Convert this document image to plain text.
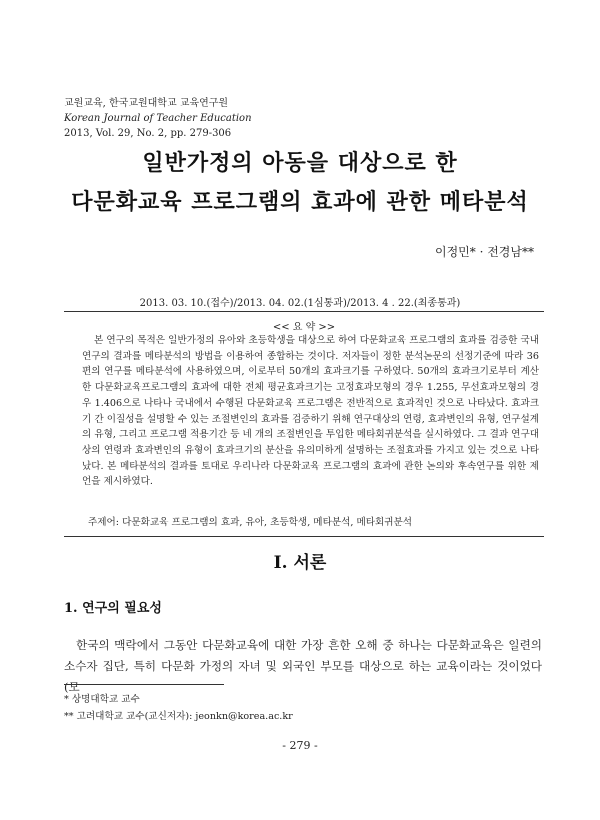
교원교육, 한국교원대학교 교육연구원
Korean Journal of Teacher Education
2013, Vol. 29, No. 2, pp. 279-306
일반가정의 아동을 대상으로 한
다문화교육 프로그램의 효과에 관한 메타분석
이정민* · 전경남**
2013. 03. 10.(접수)/2013. 04. 02.(1심통과)/2013. 4 . 22.(최종통과)
<< 요 약 >>
본 연구의 목적은 일반가정의 유아와 초등학생을 대상으로 하여 다문화교육 프로그램의 효과를 검증한 국내 연구의 결과를 메타분석의 방법을 이용하여 종합하는 것이다. 저자들이 정한 분석논문의 선정기준에 따라 36편의 연구를 메타분석에 사용하였으며, 이로부터 50개의 효과크기를 구하였다. 50개의 효과크기로부터 계산한 다문화교육프로그램의 효과에 대한 전체 평균효과크기는 고정효과모형의 경우 1.255, 무선효과모형의 경우 1.406으로 나타나 국내에서 수행된 다문화교육 프로그램은 전반적으로 효과적인 것으로 나타났다. 효과크기 간 이질성을 설명할 수 있는 조절변인의 효과를 검증하기 위해 연구대상의 연령, 효과변인의 유형, 연구설계의 유형, 그리고 프로그램 적용기간 등 네 개의 조절변인을 투입한 메타회귀분석을 실시하였다. 그 결과 연구대상의 연령과 효과변인의 유형이 효과크기의 분산을 유의미하게 설명하는 조절효과를 가지고 있는 것으로 나타났다. 본 메타분석의 결과를 토대로 우리나라 다문화교육 프로그램의 효과에 관한 논의와 후속연구를 위한 제언을 제시하였다.
주제어: 다문화교육 프로그램의 효과, 유아, 초등학생, 메타분석, 메타회귀분석
I. 서론
1. 연구의 필요성
한국의 맥락에서 그동안 다문화교육에 대한 가장 흔한 오해 중 하나는 다문화교육은 일련의 소수자 집단, 특히 다문화 가정의 자녀 및 외국인 부모를 대상으로 하는 교육이라는 것이었다(모
* 상명대학교 교수
** 고려대학교 교수(교신저자): jeonkn@korea.ac.kr
- 279 -
